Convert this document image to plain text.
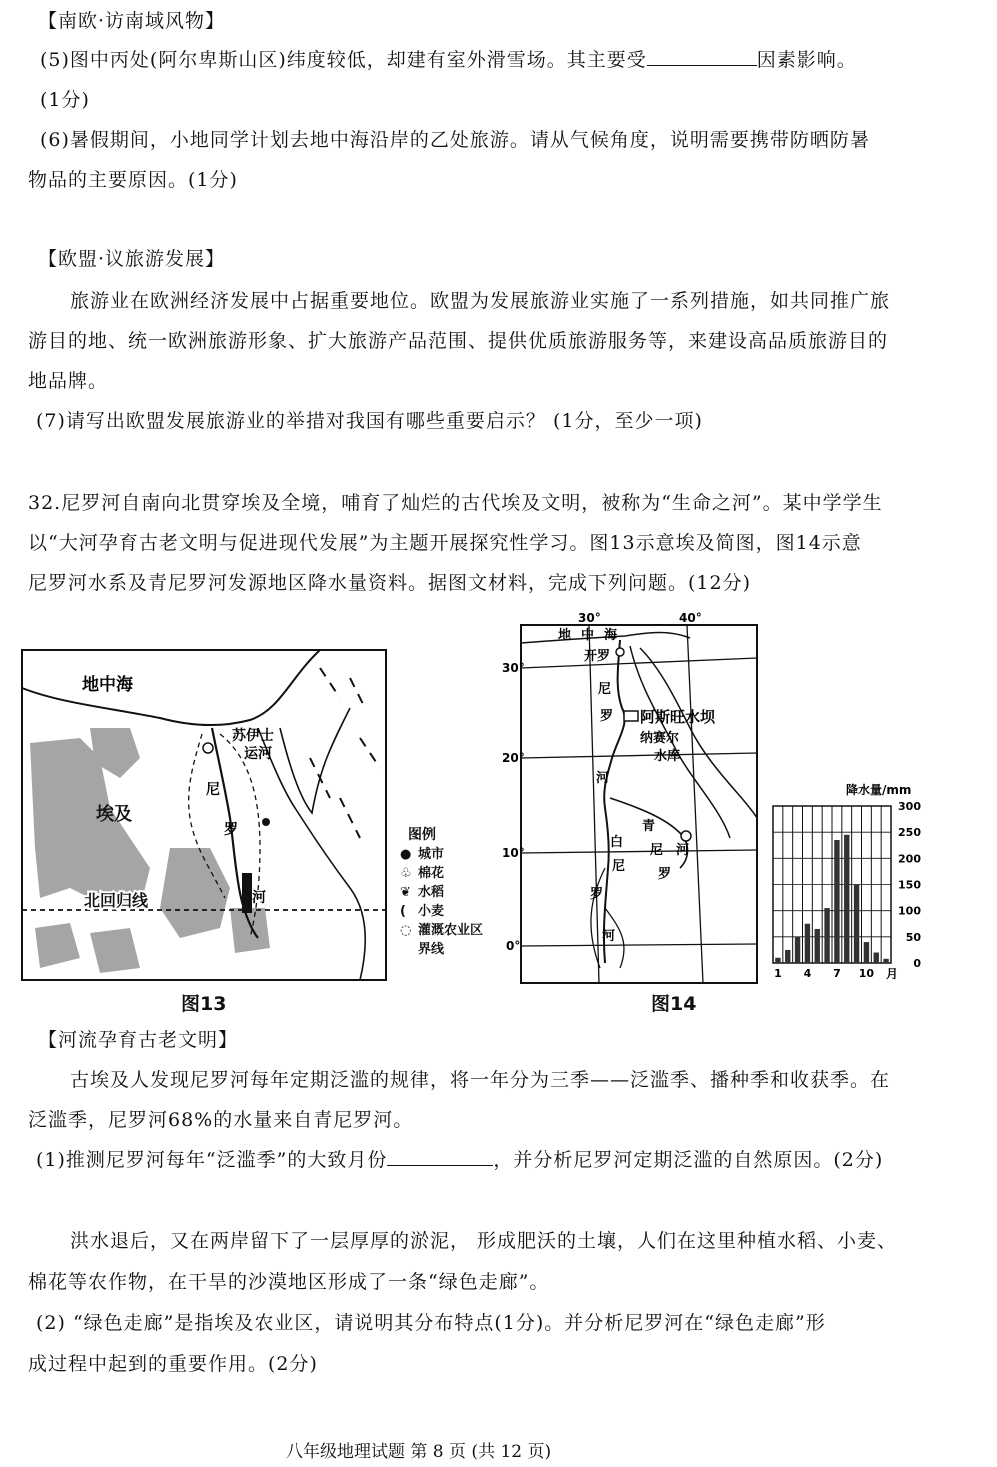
【南欧·访南域风物】
(5)图中丙处(阿尔卑斯山区)纬度较低，却建有室外滑雪场。其主要受	因素影响。
(1分)
(6)暑假期间，小地同学计划去地中海沿岸的乙处旅游。请从气候角度，说明需要携带防晒防暑
物品的主要原因。(1分)
【欧盟·议旅游发展】
旅游业在欧洲经济发展中占据重要地位。欧盟为发展旅游业实施了一系列措施，如共同推广旅
游目的地、统一欧洲旅游形象、扩大旅游产品范围、提供优质旅游服务等，来建设高品质旅游目的
地品牌。
(7)请写出欧盟发展旅游业的举措对我国有哪些重要启示？ (1分，至少一项)
32.尼罗河自南向北贯穿埃及全境，哺育了灿烂的古代埃及文明，被称为“生命之河”。某中学学生
以“大河孕育古老文明与促进现代发展”为主题开展探究性学习。图13示意埃及简图，图14示意
尼罗河水系及青尼罗河发源地区降水量资料。据图文材料，完成下列问题。(12分)
地中海
埃及
苏伊士
运河
尼
罗
河
北回归线
图例
● 城市
♧ 棉花
❦ 水稻
( 小麦
◌ 灌溉农业区
界线
图13
30°	40°
30°
20°
10°
0°
地中海
开罗
阿斯旺水坝
纳赛尔
水库
尼
罗
河
白
尼
罗
河
青
尼
罗
河
0
50
100
150
200
250
300
1 4 7 10
降水量/mm
月
图14
【河流孕育古老文明】
古埃及人发现尼罗河每年定期泛滥的规律，将一年分为三季——泛滥季、播种季和收获季。在
泛滥季，尼罗河68%的水量来自青尼罗河。
(1)推测尼罗河每年“泛滥季”的大致月份	，并分析尼罗河定期泛滥的自然原因。(2分)
洪水退后，又在两岸留下了一层厚厚的淤泥， 形成肥沃的土壤，人们在这里种植水稻、小麦、
棉花等农作物，在干旱的沙漠地区形成了一条“绿色走廊”。
(2) “绿色走廊”是指埃及农业区，请说明其分布特点(1分)。并分析尼罗河在“绿色走廊”形
成过程中起到的重要作用。(2分)
八年级地理试题 第 8 页 (共 12 页)
